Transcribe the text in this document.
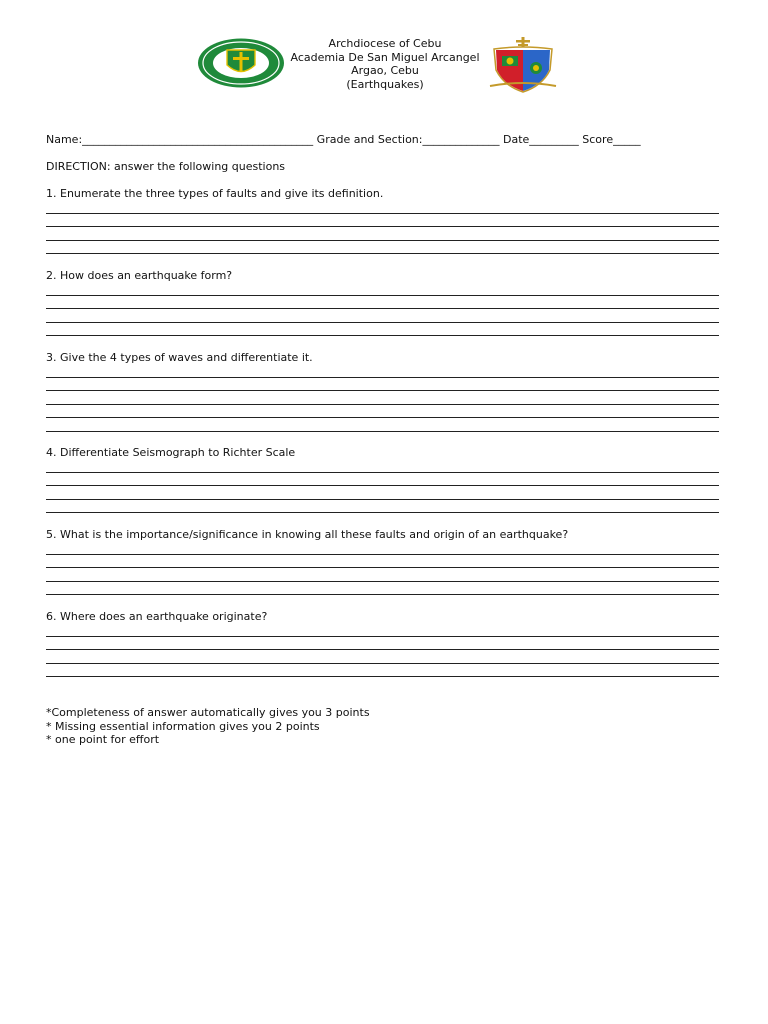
Archdiocese of Cebu
Academia De San Miguel Arcangel
Argao, Cebu
(Earthquakes)
Name:__________________________________________ Grade and Section:______________ Date_________ Score_____
DIRECTION: answer the following questions
1. Enumerate the three types of faults and give its definition.
2. How does an earthquake form?
3. Give the 4 types of waves and differentiate it.
4. Differentiate Seismograph to Richter Scale
5. What is the importance/significance in knowing all these faults and origin of an earthquake?
6. Where does an earthquake originate?
*Completeness of answer automatically gives you 3 points
* Missing essential information gives you 2 points
* one point for effort
